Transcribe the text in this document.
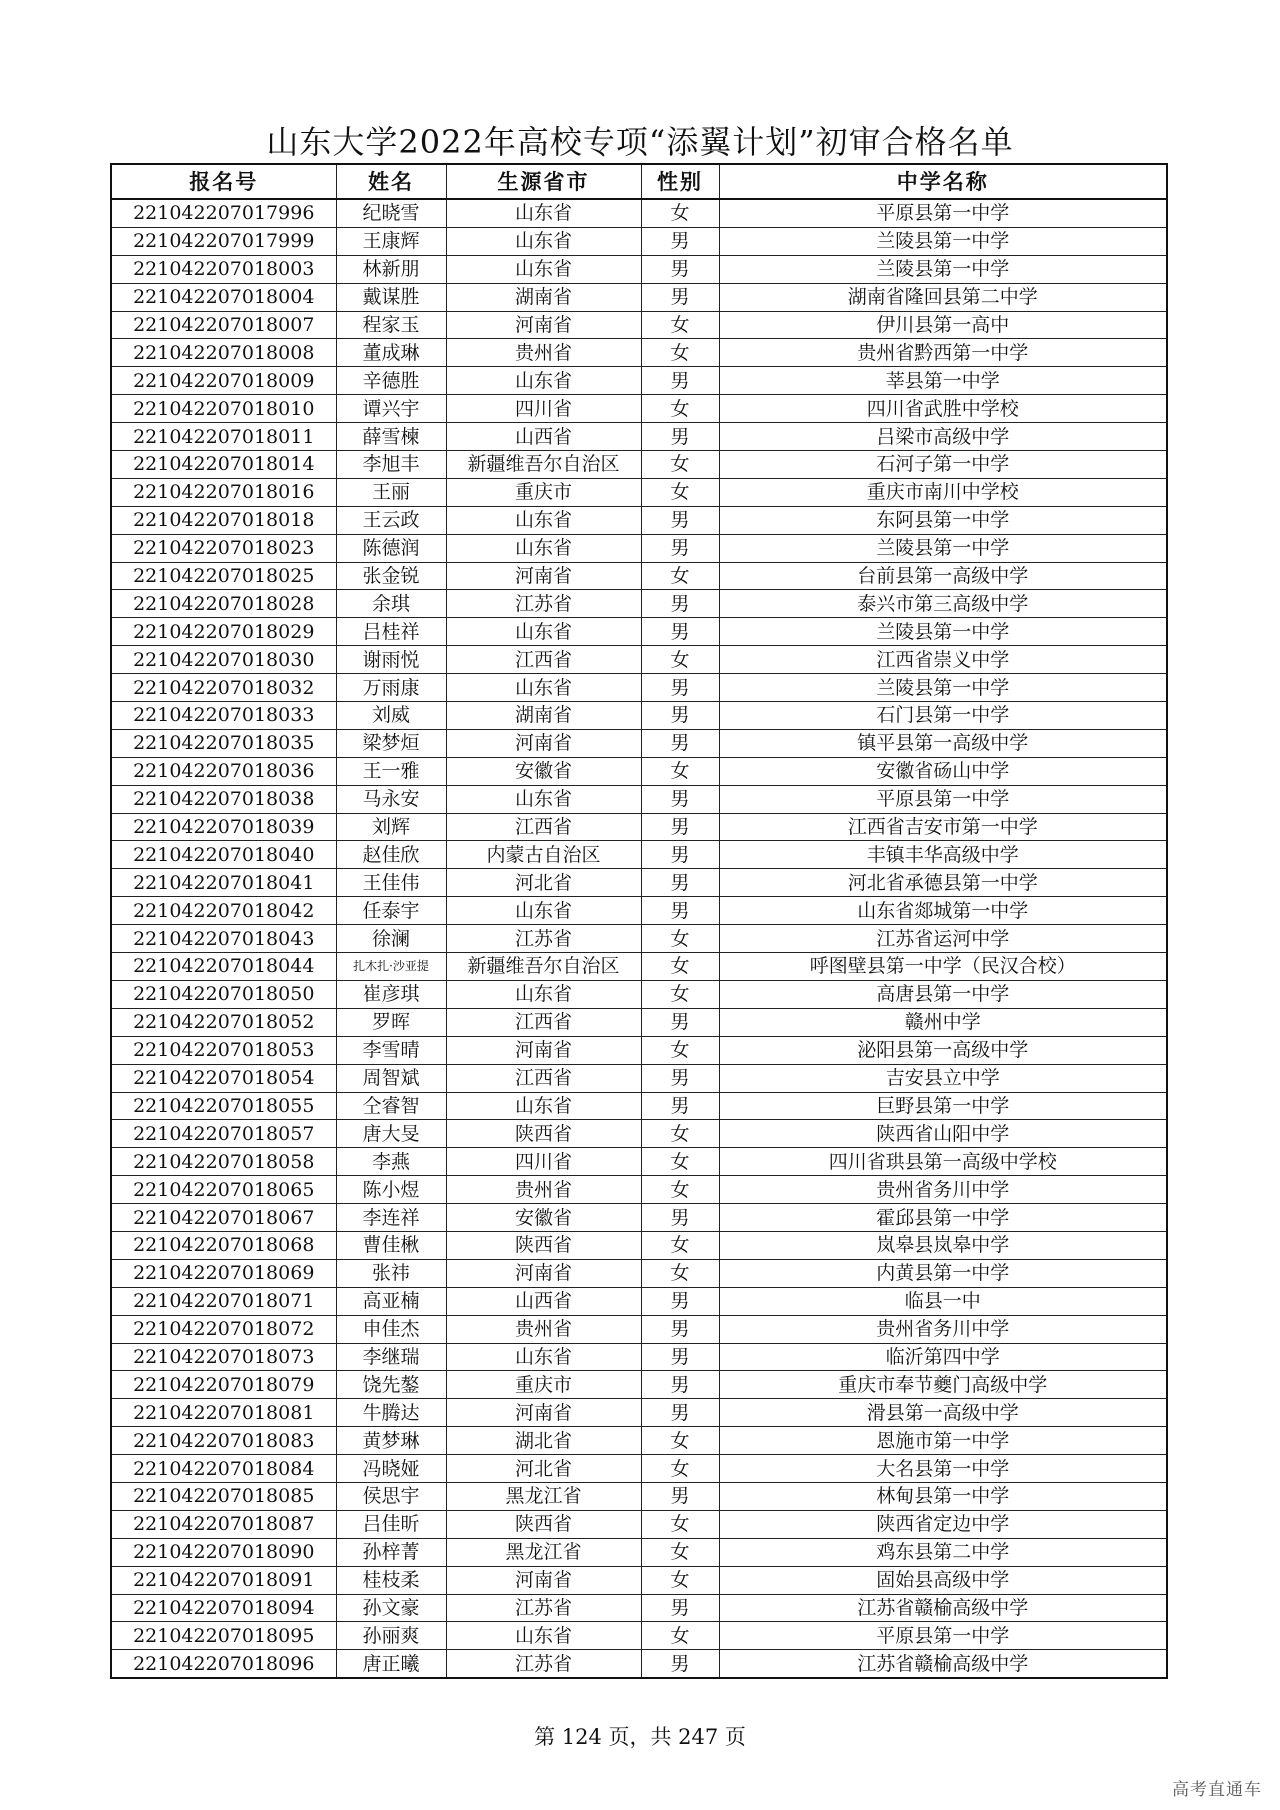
山东大学2022年高校专项“添翼计划”初审合格名单
报名号	姓名	生源省市	性别	中学名称
221042207017996	纪晓雪	山东省	女	平原县第一中学
221042207017999	王康辉	山东省	男	兰陵县第一中学
221042207018003	林新朋	山东省	男	兰陵县第一中学
221042207018004	戴谋胜	湖南省	男	湖南省隆回县第二中学
221042207018007	程家玉	河南省	女	伊川县第一高中
221042207018008	董成琳	贵州省	女	贵州省黔西第一中学
221042207018009	辛德胜	山东省	男	莘县第一中学
221042207018010	谭兴宇	四川省	女	四川省武胜中学校
221042207018011	薛雪楝	山西省	男	吕梁市高级中学
221042207018014	李旭丰	新疆维吾尔自治区	女	石河子第一中学
221042207018016	王丽	重庆市	女	重庆市南川中学校
221042207018018	王云政	山东省	男	东阿县第一中学
221042207018023	陈德润	山东省	男	兰陵县第一中学
221042207018025	张金锐	河南省	女	台前县第一高级中学
221042207018028	余琪	江苏省	男	泰兴市第三高级中学
221042207018029	吕桂祥	山东省	男	兰陵县第一中学
221042207018030	谢雨悦	江西省	女	江西省崇义中学
221042207018032	万雨康	山东省	男	兰陵县第一中学
221042207018033	刘威	湖南省	男	石门县第一中学
221042207018035	梁梦烜	河南省	男	镇平县第一高级中学
221042207018036	王一雅	安徽省	女	安徽省砀山中学
221042207018038	马永安	山东省	男	平原县第一中学
221042207018039	刘辉	江西省	男	江西省吉安市第一中学
221042207018040	赵佳欣	内蒙古自治区	男	丰镇丰华高级中学
221042207018041	王佳伟	河北省	男	河北省承德县第一中学
221042207018042	任泰宇	山东省	男	山东省郯城第一中学
221042207018043	徐澜	江苏省	女	江苏省运河中学
221042207018044	扎木扎·沙亚提	新疆维吾尔自治区	女	呼图壁县第一中学（民汉合校）
221042207018050	崔彦琪	山东省	女	高唐县第一中学
221042207018052	罗晖	江西省	男	赣州中学
221042207018053	李雪晴	河南省	女	泌阳县第一高级中学
221042207018054	周智斌	江西省	男	吉安县立中学
221042207018055	仝睿智	山东省	男	巨野县第一中学
221042207018057	唐大旻	陕西省	女	陕西省山阳中学
221042207018058	李燕	四川省	女	四川省珙县第一高级中学校
221042207018065	陈小煜	贵州省	女	贵州省务川中学
221042207018067	李连祥	安徽省	男	霍邱县第一中学
221042207018068	曹佳楸	陕西省	女	岚皋县岚皋中学
221042207018069	张祎	河南省	女	内黄县第一中学
221042207018071	高亚楠	山西省	男	临县一中
221042207018072	申佳杰	贵州省	男	贵州省务川中学
221042207018073	李继瑞	山东省	男	临沂第四中学
221042207018079	饶先鏊	重庆市	男	重庆市奉节夔门高级中学
221042207018081	牛腾达	河南省	男	滑县第一高级中学
221042207018083	黄梦琳	湖北省	女	恩施市第一中学
221042207018084	冯晓娅	河北省	女	大名县第一中学
221042207018085	侯思宇	黑龙江省	男	林甸县第一中学
221042207018087	吕佳昕	陕西省	女	陕西省定边中学
221042207018090	孙梓菁	黑龙江省	女	鸡东县第二中学
221042207018091	桂枝柔	河南省	女	固始县高级中学
221042207018094	孙文豪	江苏省	男	江苏省赣榆高级中学
221042207018095	孙丽爽	山东省	女	平原县第一中学
221042207018096	唐正曦	江苏省	男	江苏省赣榆高级中学
第 124 页，共 247 页
高考直通车
